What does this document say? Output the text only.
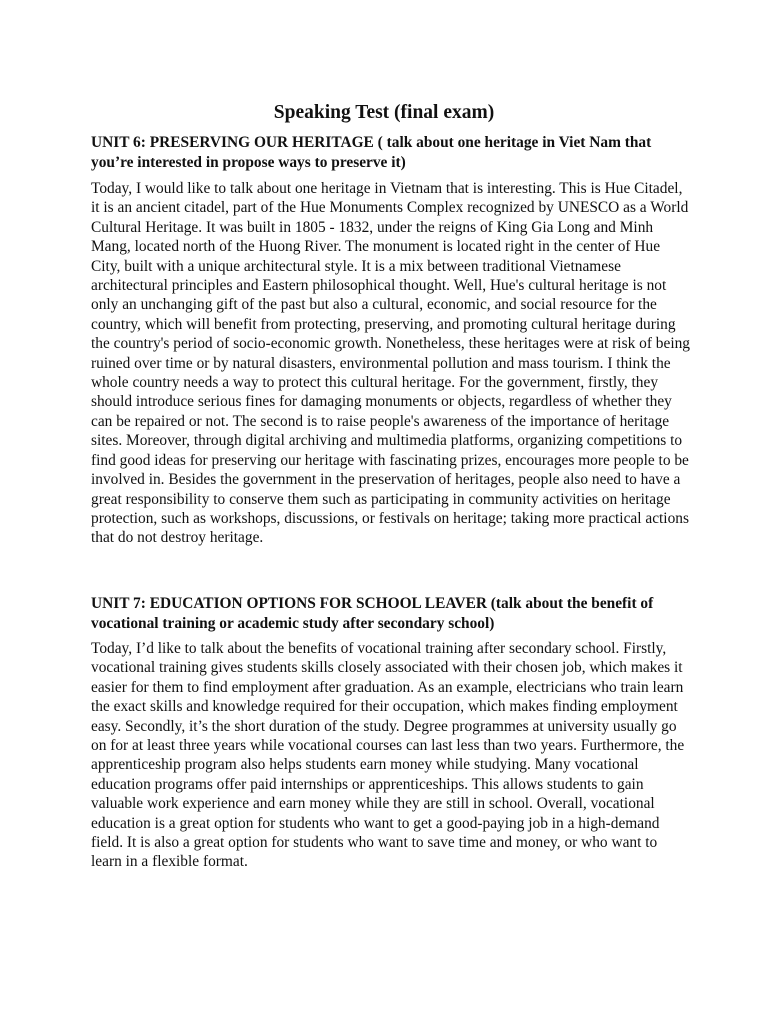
Speaking Test (final exam)

UNIT 6: PRESERVING OUR HERITAGE ( talk about one heritage in Viet Nam that you’re interested in propose ways to preserve it)

Today, I would like to talk about one heritage in Vietnam that is interesting. This is Hue Citadel, it is an ancient citadel, part of the Hue Monuments Complex recognized by UNESCO as a World Cultural Heritage. It was built in 1805 - 1832, under the reigns of King Gia Long and Minh Mang, located north of the Huong River. The monument is located right in the center of Hue City, built with a unique architectural style. It is a mix between traditional Vietnamese architectural principles and Eastern philosophical thought. Well, Hue's cultural heritage is not only an unchanging gift of the past but also a cultural, economic, and social resource for the country, which will benefit from protecting, preserving, and promoting cultural heritage during the country's period of socio-economic growth. Nonetheless, these heritages were at risk of being ruined over time or by natural disasters, environmental pollution and mass tourism. I think the whole country needs a way to protect this cultural heritage. For the government, firstly, they should introduce serious fines for damaging monuments or objects, regardless of whether they can be repaired or not. The second is to raise people's awareness of the importance of heritage sites. Moreover, through digital archiving and multimedia platforms, organizing competitions to find good ideas for preserving our heritage with fascinating prizes, encourages more people to be involved in. Besides the government in the preservation of heritages, people also need to have a great responsibility to conserve them such as participating in community activities on heritage protection, such as workshops, discussions, or festivals on heritage; taking more practical actions that do not destroy heritage.

UNIT 7: EDUCATION OPTIONS FOR SCHOOL LEAVER (talk about the benefit of vocational training or academic study after secondary school)

Today, I’d like to talk about the benefits of vocational training after secondary school. Firstly, vocational training gives students skills closely associated with their chosen job, which makes it easier for them to find employment after graduation. As an example, electricians who train learn the exact skills and knowledge required for their occupation, which makes finding employment easy. Secondly, it’s the short duration of the study. Degree programmes at university usually go on for at least three years while vocational courses can last less than two years. Furthermore, the apprenticeship program also helps students earn money while studying. Many vocational education programs offer paid internships or apprenticeships. This allows students to gain valuable work experience and earn money while they are still in school. Overall, vocational education is a great option for students who want to get a good-paying job in a high-demand field. It is also a great option for students who want to save time and money, or who want to learn in a flexible format.
